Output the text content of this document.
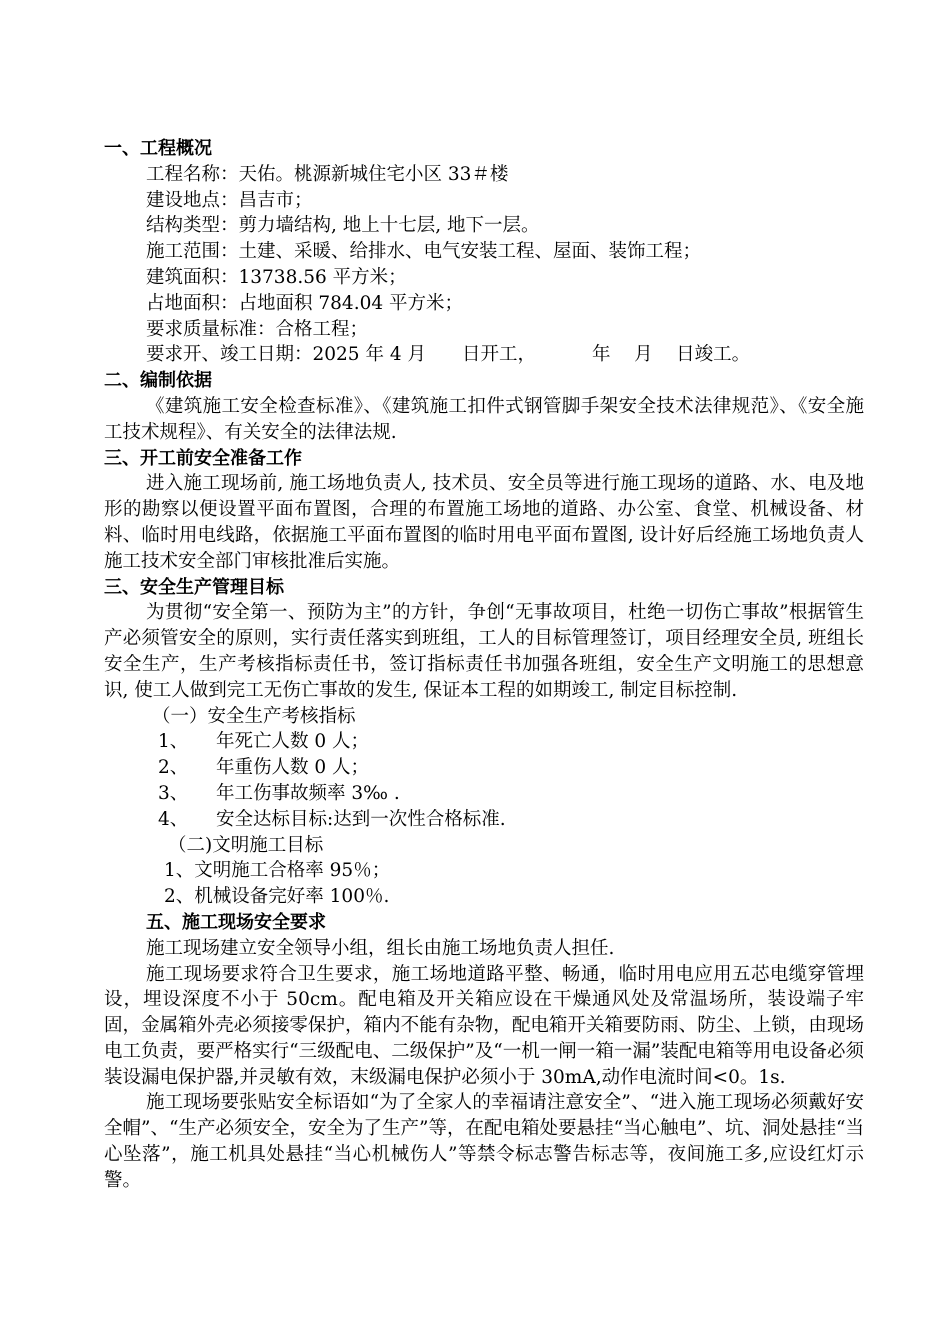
一、工程概况

工程名称：天佑。桃源新城住宅小区 33＃楼

建设地点：昌吉市；

结构类型：剪力墙结构, 地上十七层, 地下一层。

施工范围：土建、采暖、给排水、电气安装工程、屋面、装饰工程；

建筑面积：13738.56 平方米；

占地面积：占地面积 784.04 平方米；

要求质量标准：合格工程；

要求开、竣工日期：2025 年 4 月 日开工，	年 月 日竣工。

二、编制依据

《建筑施工安全检查标准》、《建筑施工扣件式钢管脚手架安全技术法律规范》、《安全施工技术规程》、有关安全的法律法规.

三、开工前安全准备工作

进入施工现场前, 施工场地负责人, 技术员、安全员等进行施工现场的道路、水、电及地形的勘察以便设置平面布置图，合理的布置施工场地的道路、办公室、食堂、机械设备、材料、临时用电线路，依据施工平面布置图的临时用电平面布置图, 设计好后经施工场地负责人施工技术安全部门审核批准后实施。

三、安全生产管理目标

为贯彻“安全第一、预防为主”的方针，争创“无事故项目，杜绝一切伤亡事故”根据管生产必须管安全的原则，实行责任落实到班组，工人的目标管理签订，项目经理安全员, 班组长安全生产，生产考核指标责任书，签订指标责任书加强各班组，安全生产文明施工的思想意识, 使工人做到完工无伤亡事故的发生, 保证本工程的如期竣工, 制定目标控制.

（一）安全生产考核指标

1、 年死亡人数 0 人；

2、 年重伤人数 0 人；

3、 年工伤事故频率 3‰ .

4、 安全达标目标:达到一次性合格标准.

（二)文明施工目标

1、文明施工合格率 95％；

2、机械设备完好率 100％.

五、施工现场安全要求

施工现场建立安全领导小组，组长由施工场地负责人担任.

施工现场要求符合卫生要求，施工场地道路平整、畅通，临时用电应用五芯电缆穿管埋设，埋设深度不小于 50cm。配电箱及开关箱应设在干燥通风处及常温场所，装设端子牢固，金属箱外壳必须接零保护，箱内不能有杂物，配电箱开关箱要防雨、防尘、上锁，由现场电工负责，要严格实行“三级配电、二级保护”及“一机一闸一箱一漏”装配电箱等用电设备必须装设漏电保护器,并灵敏有效，末级漏电保护必须小于 30mA,动作电流时间<0。1s.

施工现场要张贴安全标语如“为了全家人的幸福请注意安全”、“进入施工现场必须戴好安全帽”、“生产必须安全，安全为了生产”等，在配电箱处要悬挂“当心触电”、坑、洞处悬挂“当心坠落”，施工机具处悬挂“当心机械伤人”等禁令标志警告标志等，夜间施工多,应设红灯示警。
